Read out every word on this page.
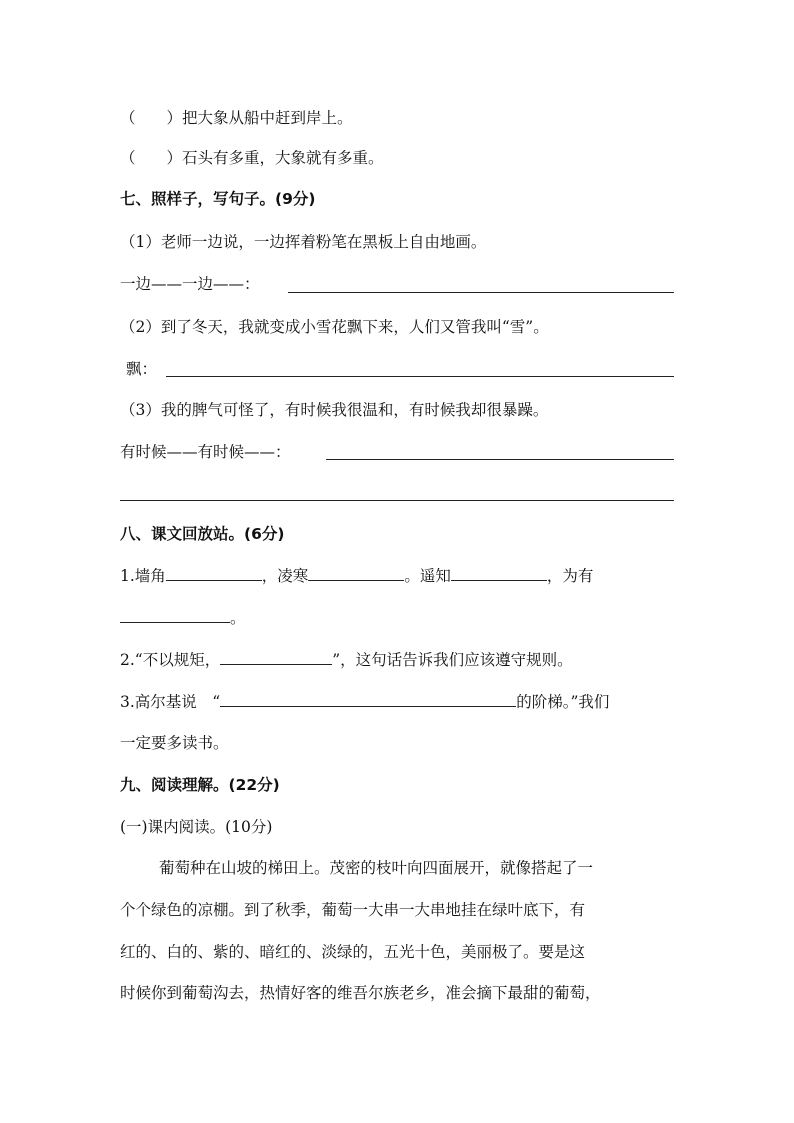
（　　）把大象从船中赶到岸上。
（　　）石头有多重，大象就有多重。
七、照样子，写句子。(9分)
（1）老师一边说，一边挥着粉笔在黑板上自由地画。
一边——一边——：
（2）到了冬天，我就变成小雪花飘下来，人们又管我叫“雪”。
飘：
（3）我的脾气可怪了，有时候我很温和，有时候我却很暴躁。
有时候——有时候——：
八、课文回放站。(6分)
1.墙角	，凌寒	。遥知	，为有
。
2.“不以规矩，	”，这句话告诉我们应该遵守规则。
3.高尔基说　“	的阶梯。”我们
一定要多读书。
九、阅读理解。(22分)
(一)课内阅读。(10分)
葡萄种在山坡的梯田上。茂密的枝叶向四面展开，就像搭起了一
个个绿色的凉棚。到了秋季，葡萄一大串一大串地挂在绿叶底下，有
红的、白的、紫的、暗红的、淡绿的，五光十色，美丽极了。要是这
时候你到葡萄沟去，热情好客的维吾尔族老乡，准会摘下最甜的葡萄，
